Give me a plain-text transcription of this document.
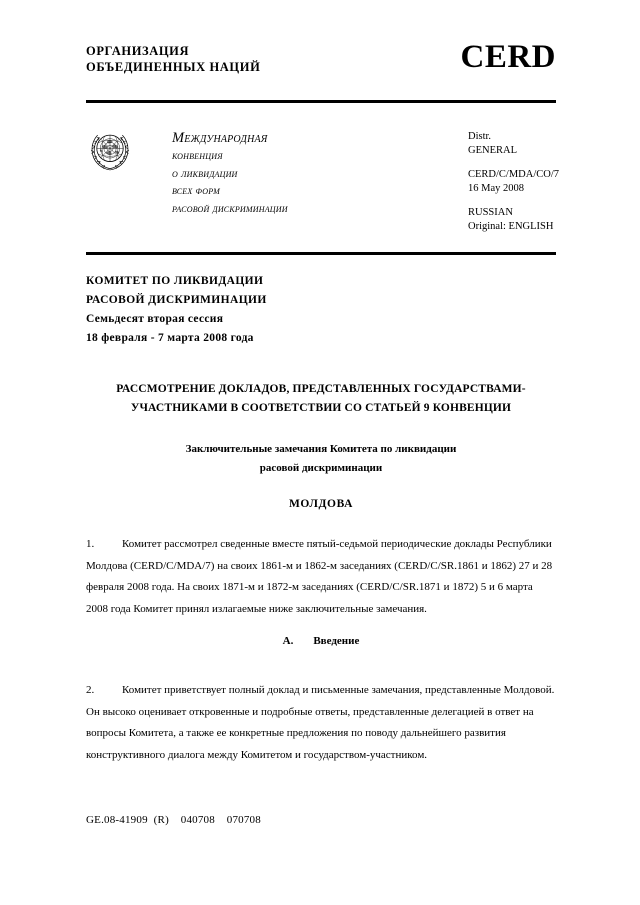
ОРГАНИЗАЦИЯ
ОБЪЕДИНЕННЫХ НАЦИЙ	CERD
Международная
конвенция
о ликвидации
всех форм
расовой дискриминации
Distr.
GENERAL
CERD/C/MDA/CO/7
16 May 2008
RUSSIAN
Original: ENGLISH
КОМИТЕТ ПО ЛИКВИДАЦИИ
РАСОВОЙ ДИСКРИМИНАЦИИ
Семьдесят вторая сессия
18 февраля - 7 марта 2008 года
РАССМОТРЕНИЕ ДОКЛАДОВ, ПРЕДСТАВЛЕННЫХ ГОСУДАРСТВАМИ-
УЧАСТНИКАМИ В СООТВЕТСТВИИ СО СТАТЬЕЙ 9 КОНВЕНЦИИ
Заключительные замечания Комитета по ликвидации
расовой дискриминации
МОЛДОВА
1.	Комитет рассмотрел сведенные вместе пятый-седьмой периодические доклады Республики Молдова (CERD/C/MDA/7) на своих 1861-м и 1862-м заседаниях (CERD/C/SR.1861 и 1862) 27 и 28 февраля 2008 года. На своих 1871-м и 1872-м заседаниях (CERD/C/SR.1871 и 1872) 5 и 6 марта 2008 года Комитет принял излагаемые ниже заключительные замечания.
A. Введение
2.	Комитет приветствует полный доклад и письменные замечания, представленные Молдовой. Он высоко оценивает откровенные и подробные ответы, представленные делегацией в ответ на вопросы Комитета, а также ее конкретные предложения по поводу дальнейшего развития конструктивного диалога между Комитетом и государством-участником.
GE.08-41909  (R)    040708    070708
